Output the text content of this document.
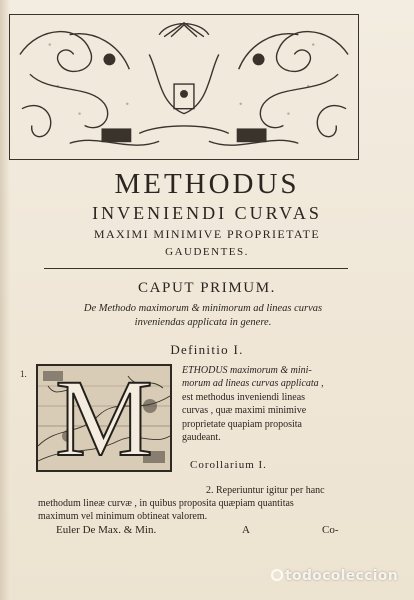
METHODUS
INVENIENDI CURVAS
MAXIMI MINIMIVE PROPRIETATE
GAUDENTES.
CAPUT PRIMUM.
De Methodo maximorum & minimorum ad lineas curvas
inveniendas applicata in genere.
Definitio I.
1. M	ETHODUS maximorum & mini-
morum ad lineas curvas applicata ,
est methodus inveniendi lineas
curvas , quæ maximi minimive
proprietate quapiam proposita
gaudeant.
Corollarium I.
2. Reperiuntur igitur per hanc
methodum lineæ curvæ , in quibus proposita quæpiam quantitas
maximum vel minimum obtineat valorem.
Euler De Max. & Min.	A	Co-
todocoleccion
